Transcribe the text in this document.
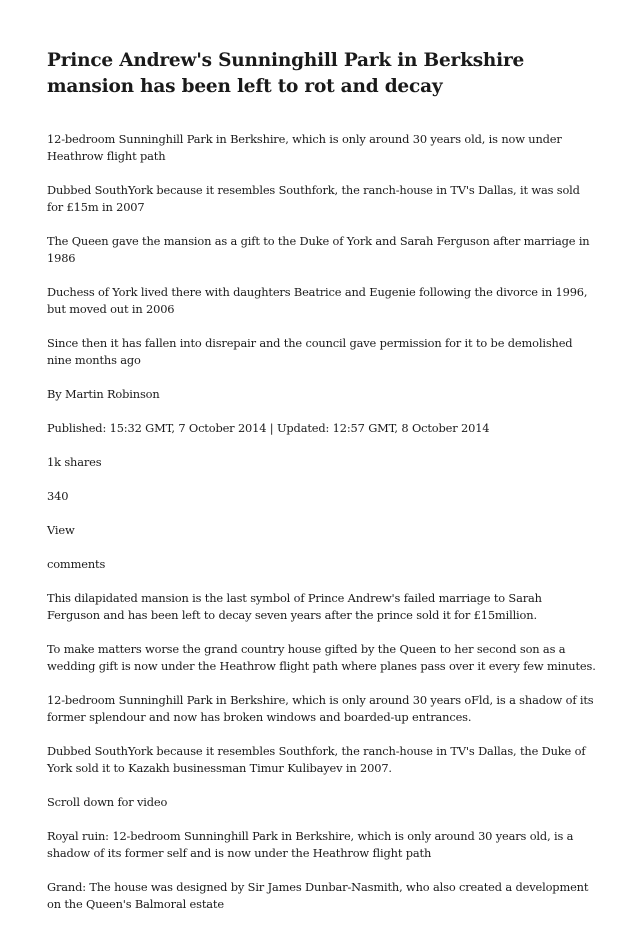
Prince Andrew's Sunninghill Park in Berkshire mansion has been left to rot and decay

12-bedroom Sunninghill Park in Berkshire, which is only around 30 years old, is now under Heathrow flight path

Dubbed SouthYork because it resembles Southfork, the ranch-house in TV's Dallas, it was sold for £15m in 2007

The Queen gave the mansion as a gift to the Duke of York and Sarah Ferguson after marriage in 1986

Duchess of York lived there with daughters Beatrice and Eugenie following the divorce in 1996, but moved out in 2006

Since then it has fallen into disrepair and the council gave permission for it to be demolished nine months ago

By Martin Robinson

Published: 15:32 GMT, 7 October 2014 | Updated: 12:57 GMT, 8 October 2014

1k shares

340

View

comments

This dilapidated mansion is the last symbol of Prince Andrew's failed marriage to Sarah Ferguson and has been left to decay seven years after the prince sold it for £15million.

To make matters worse the grand country house gifted by the Queen to her second son as a wedding gift is now under the Heathrow flight path where planes pass over it every few minutes.

12-bedroom Sunninghill Park in Berkshire, which is only around 30 years oFld, is a shadow of its former splendour and now has broken windows and boarded-up entrances.

Dubbed SouthYork because it resembles Southfork, the ranch-house in TV's Dallas, the Duke of York sold it to Kazakh businessman Timur Kulibayev in 2007.

Scroll down for video

Royal ruin: 12-bedroom Sunninghill Park in Berkshire, which is only around 30 years old, is a shadow of its former self and is now under the Heathrow flight path

Grand: The house was designed by Sir James Dunbar-Nasmith, who also created a development on the Queen's Balmoral estate
